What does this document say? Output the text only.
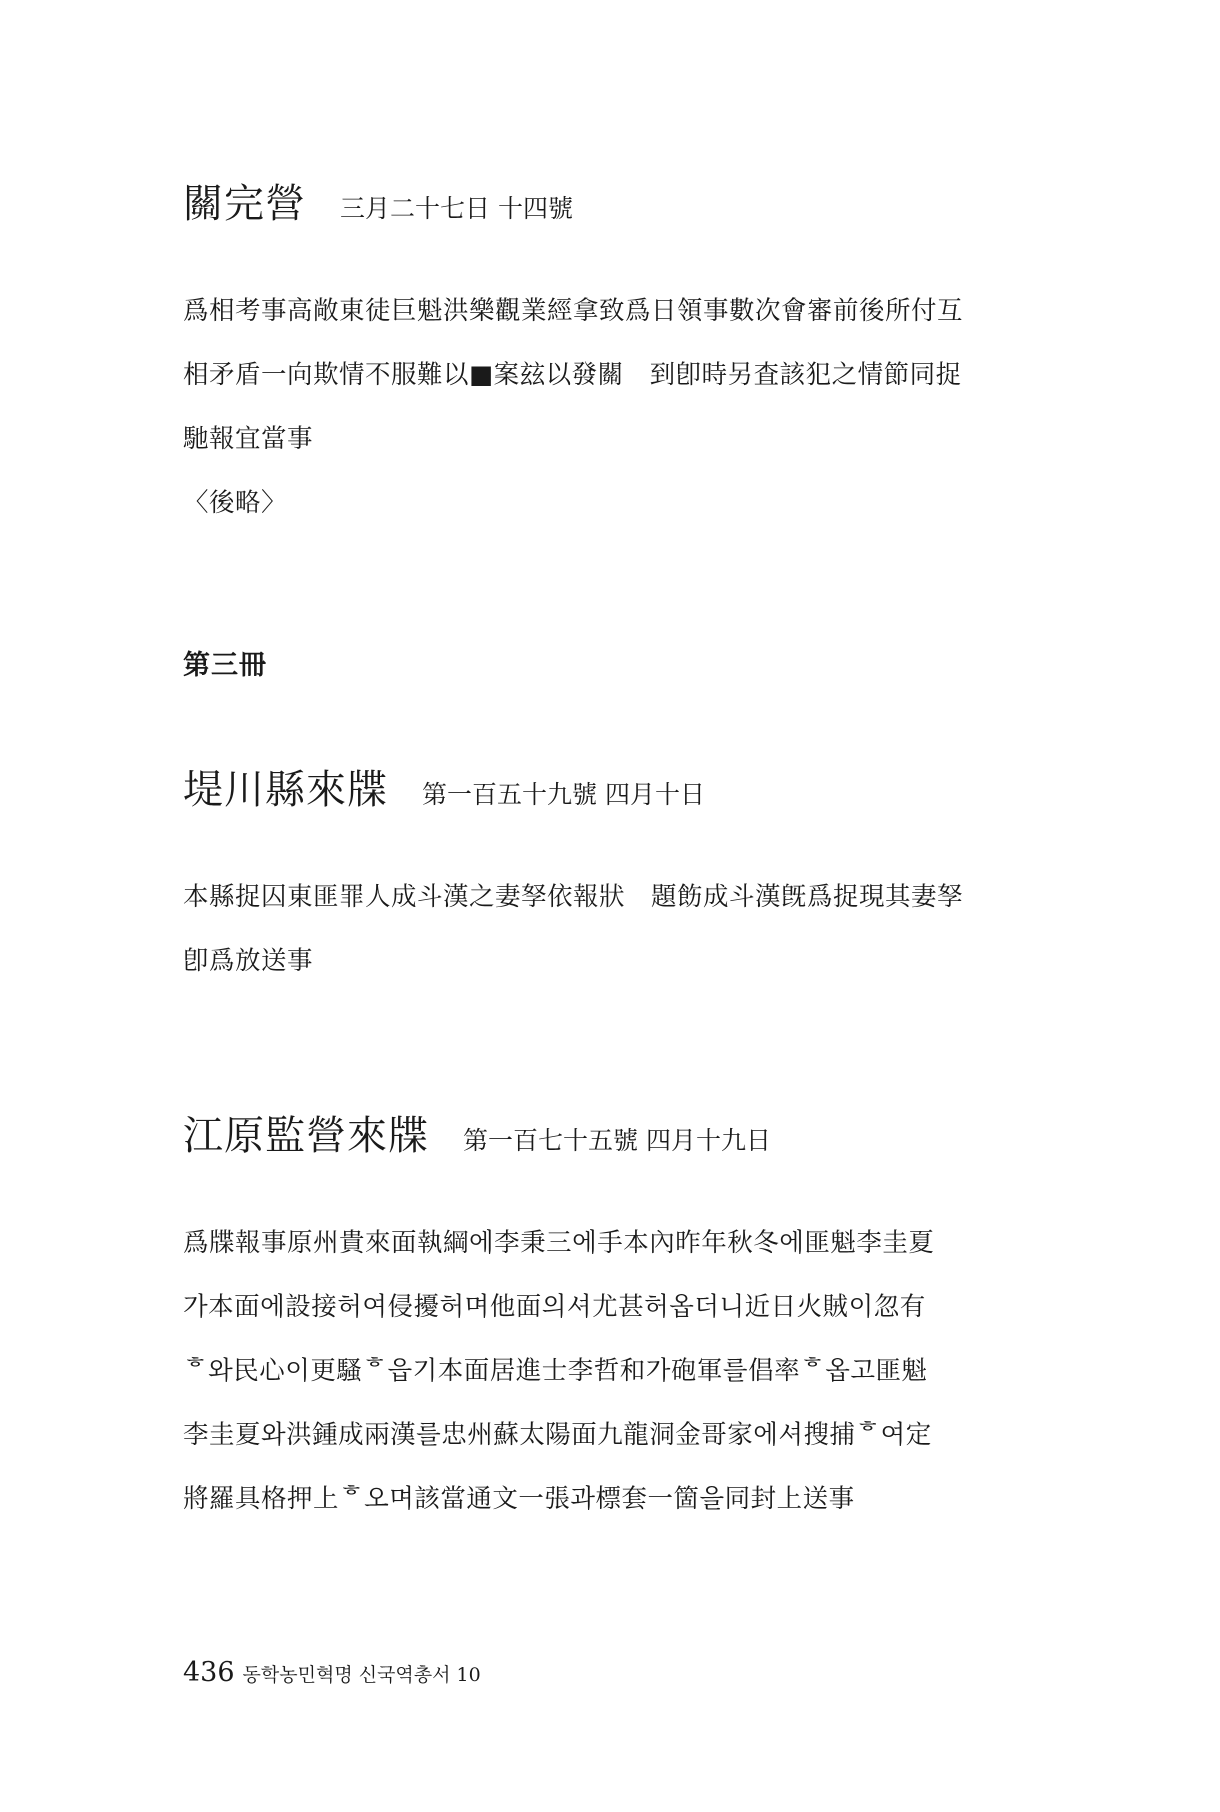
關完營 三月二十七日 十四號
爲相考事高敞東徒巨魁洪樂觀業經拿致爲日領事數次會審前後所付互
相矛盾一向欺情不服難以■案玆以發關　到卽時另査該犯之情節同捉
馳報宜當事
〈後略〉
第三冊
堤川縣來牒 第一百五十九號 四月十日
本縣捉囚東匪罪人成斗漢之妻孥依報狀　題飭成斗漢旣爲捉現其妻孥
卽爲放送事
江原監營來牒 第一百七十五號 四月十九日
爲牒報事原州貴來面執綱에李秉三에手本內昨年秋冬에匪魁李圭夏
가本面에設接허여侵擾허며他面의셔尤甚허옵더니近日火賊이忽有
ᄒ와民心이更騷ᄒ읍기本面居進士李哲和가砲軍를倡率ᄒ옵고匪魁
李圭夏와洪鍾成兩漢를忠州蘇太陽面九龍洞金哥家에셔搜捕ᄒ여定
將羅具格押上ᄒ오며該當通文一張과標套一箇을同封上送事
436 동학농민혁명 신국역총서 10
